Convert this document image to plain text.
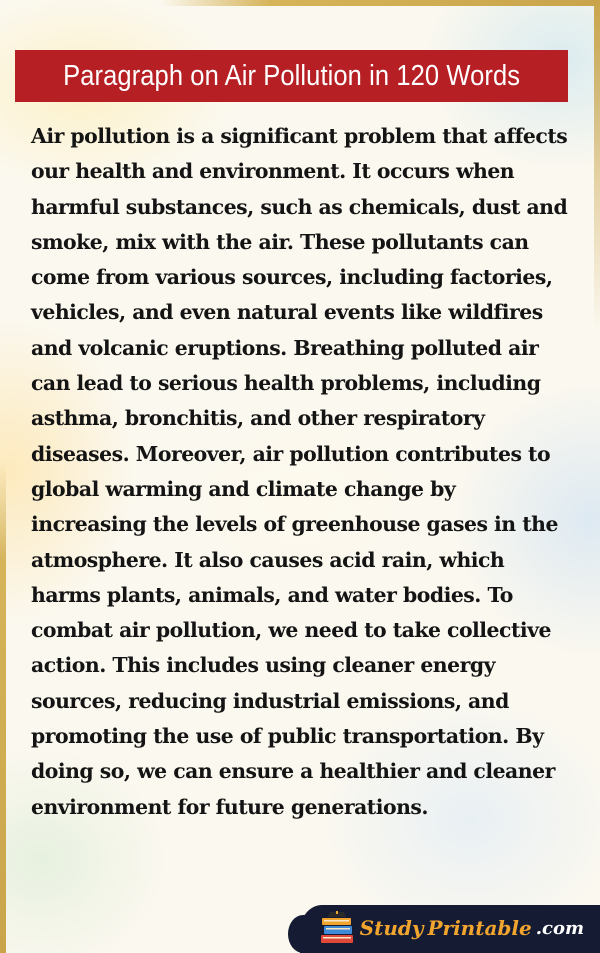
Paragraph on Air Pollution in 120 Words

Air pollution is a significant problem that affects our health and environment. It occurs when harmful substances, such as chemicals, dust and smoke, mix with the air. These pollutants can come from various sources, including factories, vehicles, and even natural events like wildfires and volcanic eruptions. Breathing polluted air can lead to serious health problems, including asthma, bronchitis, and other respiratory diseases. Moreover, air pollution contributes to global warming and climate change by increasing the levels of greenhouse gases in the atmosphere. It also causes acid rain, which harms plants, animals, and water bodies. To combat air pollution, we need to take collective action. This includes using cleaner energy sources, reducing industrial emissions, and promoting the use of public transportation. By doing so, we can ensure a healthier and cleaner environment for future generations.

Study Printable .com
